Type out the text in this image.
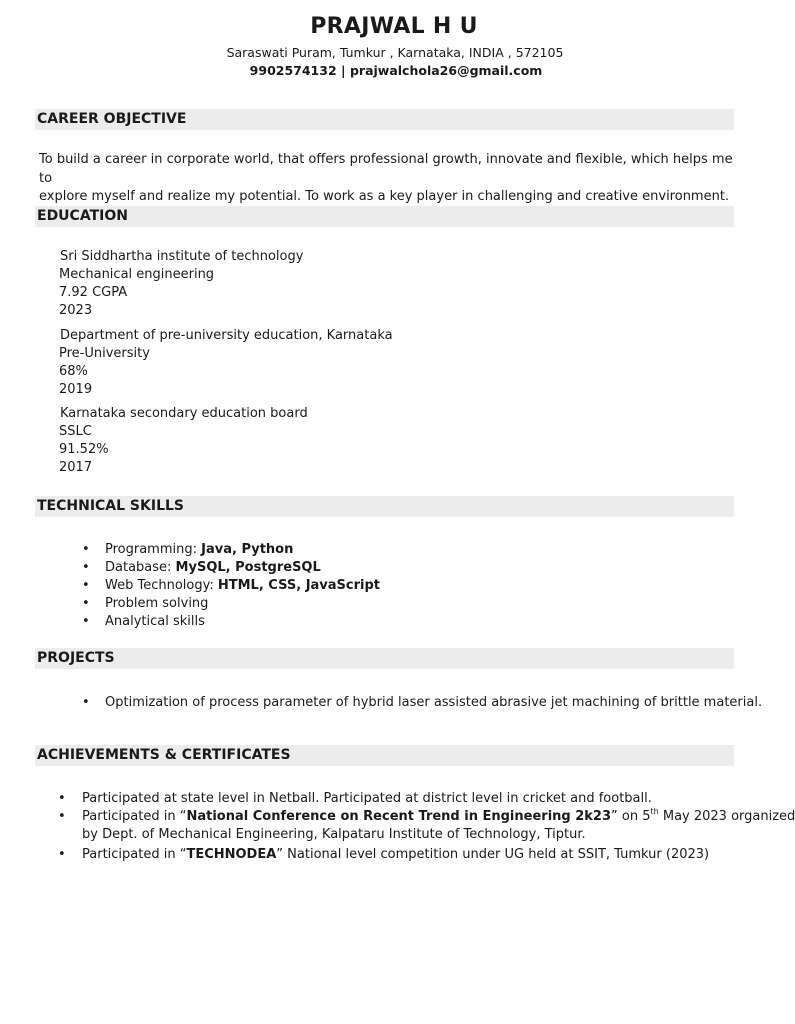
PRAJWAL H U
Saraswati Puram, Tumkur , Karnataka, INDIA , 572105
9902574132 | prajwalchola26@gmail.com
CAREER OBJECTIVE
To build a career in corporate world, that offers professional growth, innovate and flexible, which helps me to
explore myself and realize my potential. To work as a key player in challenging and creative environment.
EDUCATION
Sri Siddhartha institute of technology
Mechanical engineering
7.92 CGPA
2023
Department of pre-university education, Karnataka
Pre-University
68%
2019
Karnataka secondary education board
SSLC
91.52%
2017
TECHNICAL SKILLS
• Programming: Java, Python
• Database: MySQL, PostgreSQL
• Web Technology: HTML, CSS, JavaScript
• Problem solving
• Analytical skills
PROJECTS
• Optimization of process parameter of hybrid laser assisted abrasive jet machining of brittle material.
ACHIEVEMENTS & CERTIFICATES
• Participated at state level in Netball. Participated at district level in cricket and football.
• Participated in “National Conference on Recent Trend in Engineering 2k23” on 5th May 2023 organized
by Dept. of Mechanical Engineering, Kalpataru Institute of Technology, Tiptur.
• Participated in “TECHNODEA” National level competition under UG held at SSIT, Tumkur (2023)
